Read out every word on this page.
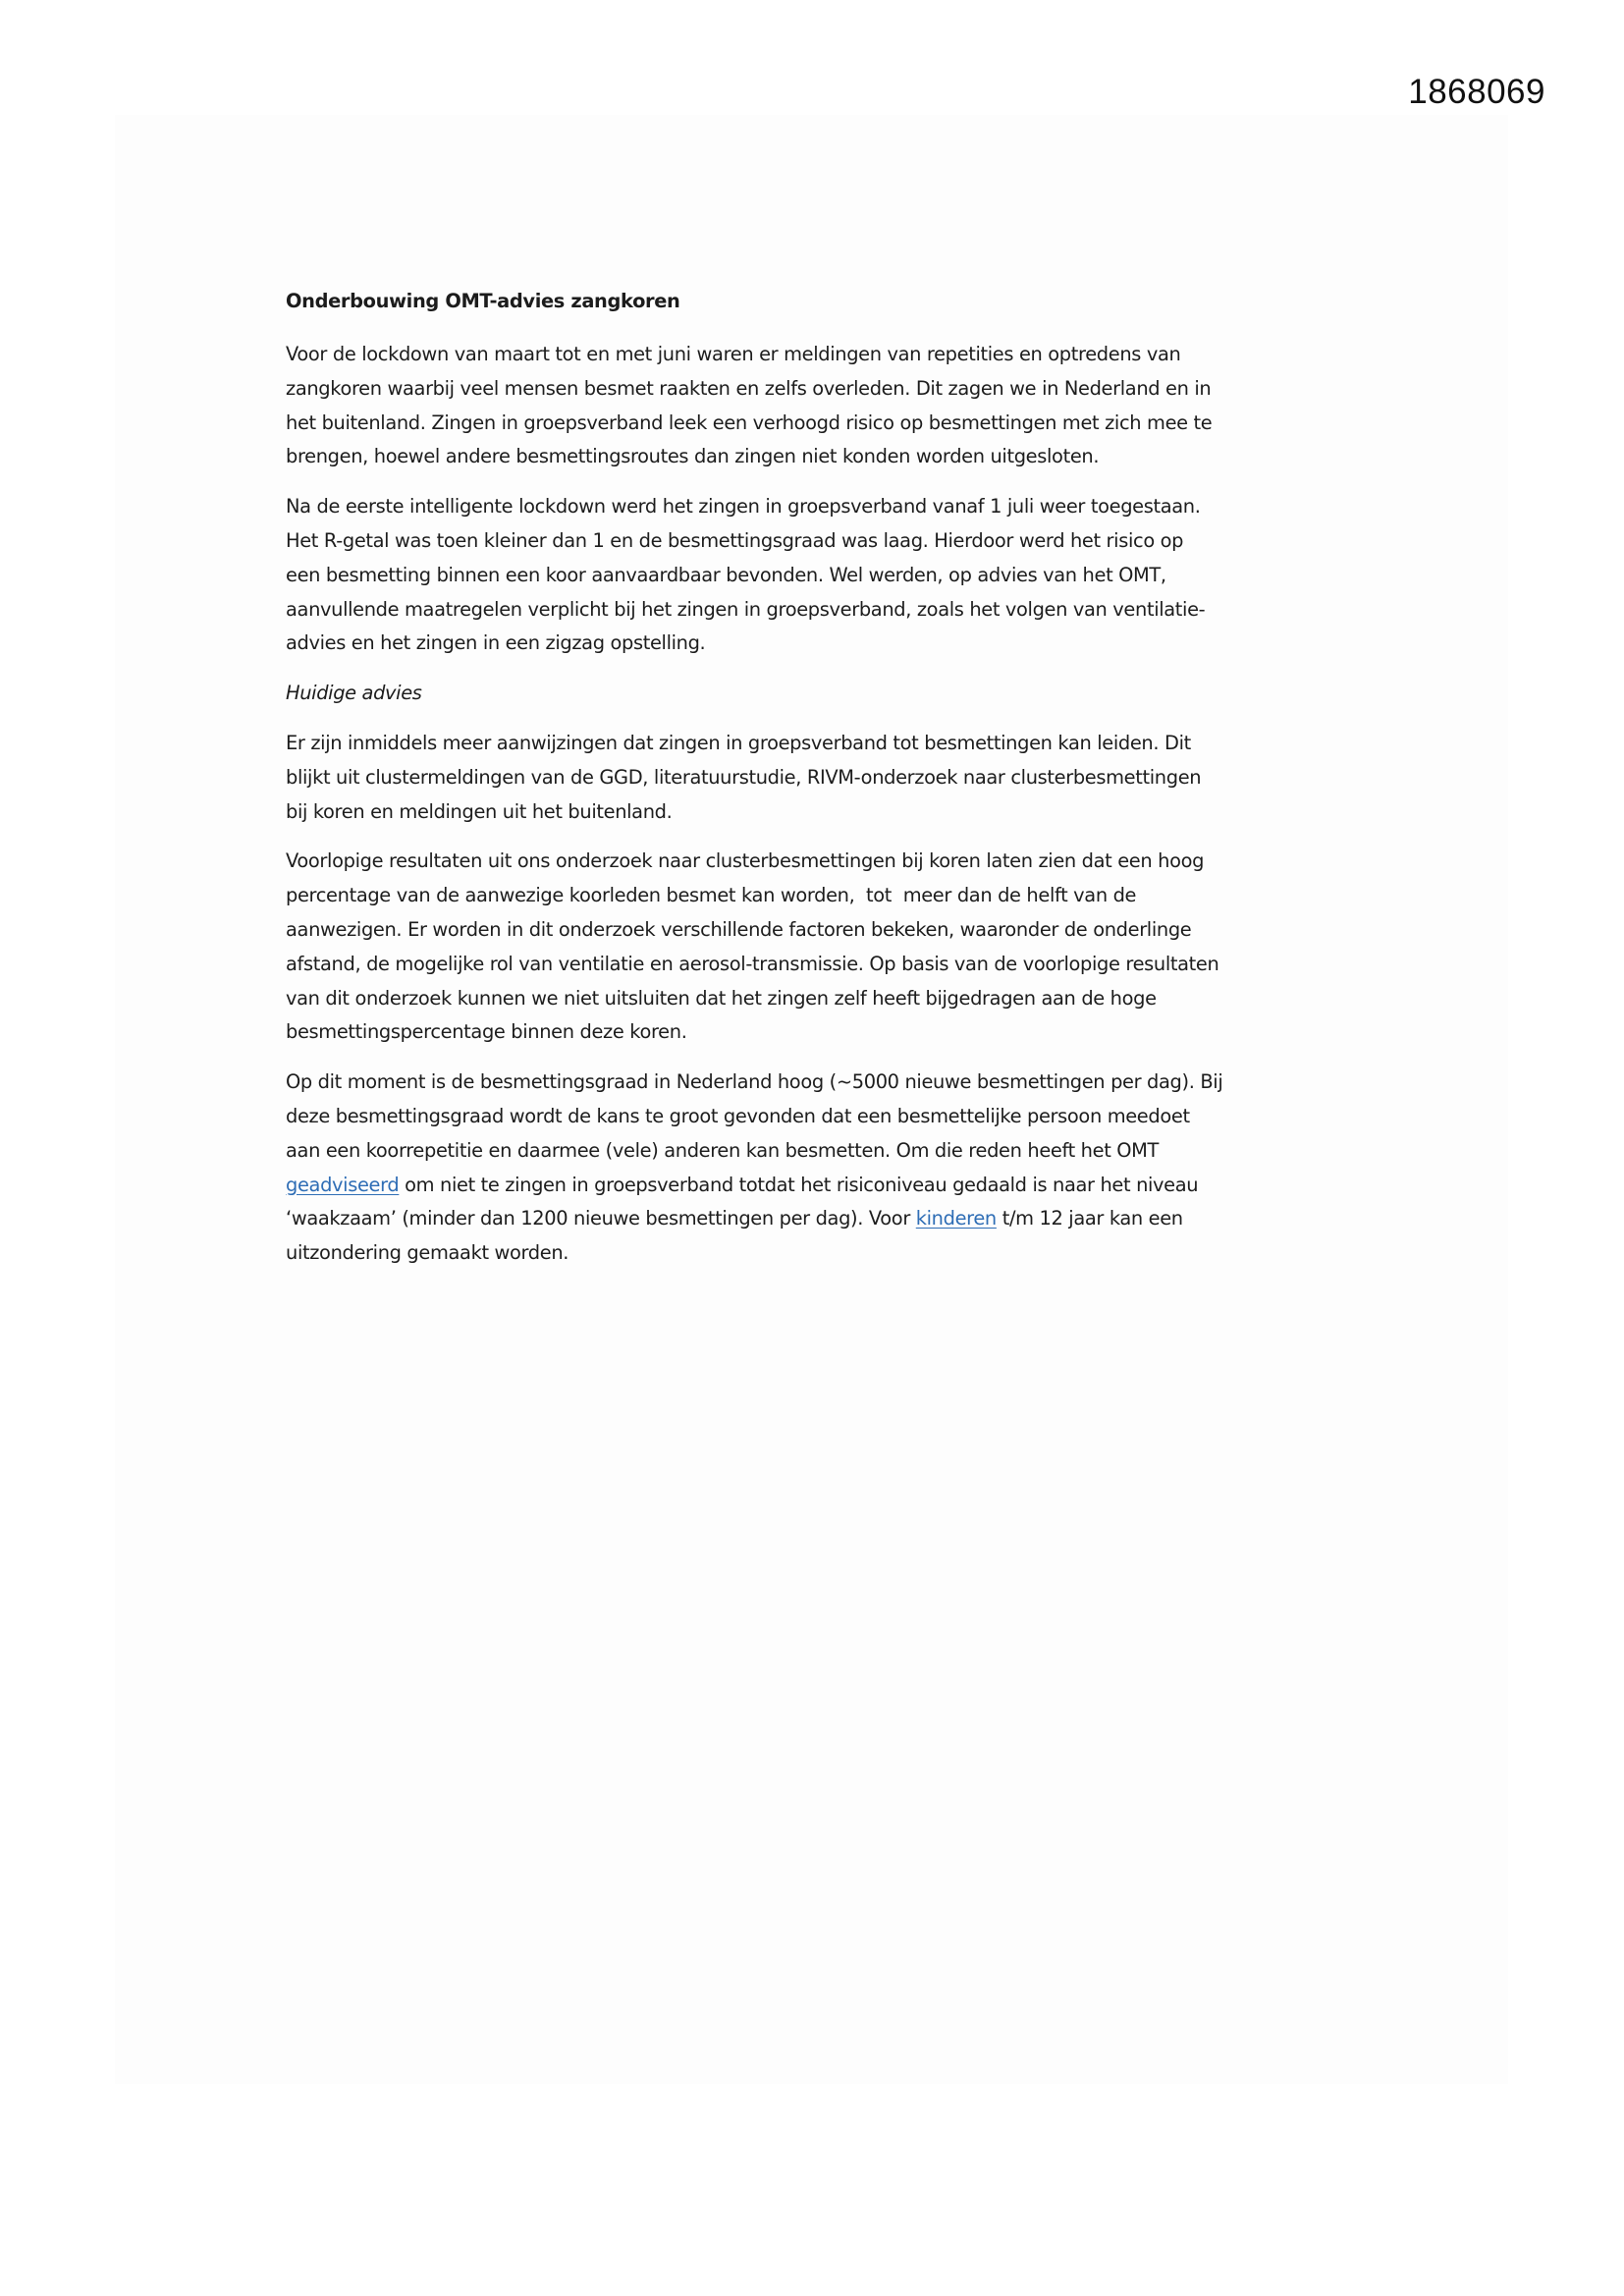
1868069
Onderbouwing OMT-advies zangkoren
Voor de lockdown van maart tot en met juni waren er meldingen van repetities en optredens van
zangkoren waarbij veel mensen besmet raakten en zelfs overleden. Dit zagen we in Nederland en in
het buitenland. Zingen in groepsverband leek een verhoogd risico op besmettingen met zich mee te
brengen, hoewel andere besmettingsroutes dan zingen niet konden worden uitgesloten.
Na de eerste intelligente lockdown werd het zingen in groepsverband vanaf 1 juli weer toegestaan.
Het R-getal was toen kleiner dan 1 en de besmettingsgraad was laag. Hierdoor werd het risico op
een besmetting binnen een koor aanvaardbaar bevonden. Wel werden, op advies van het OMT,
aanvullende maatregelen verplicht bij het zingen in groepsverband, zoals het volgen van ventilatie-
advies en het zingen in een zigzag opstelling.
Huidige advies
Er zijn inmiddels meer aanwijzingen dat zingen in groepsverband tot besmettingen kan leiden. Dit
blijkt uit clustermeldingen van de GGD, literatuurstudie, RIVM-onderzoek naar clusterbesmettingen
bij koren en meldingen uit het buitenland.
Voorlopige resultaten uit ons onderzoek naar clusterbesmettingen bij koren laten zien dat een hoog
percentage van de aanwezige koorleden besmet kan worden,  tot  meer dan de helft van de
aanwezigen. Er worden in dit onderzoek verschillende factoren bekeken, waaronder de onderlinge
afstand, de mogelijke rol van ventilatie en aerosol-transmissie. Op basis van de voorlopige resultaten
van dit onderzoek kunnen we niet uitsluiten dat het zingen zelf heeft bijgedragen aan de hoge
besmettingspercentage binnen deze koren.
Op dit moment is de besmettingsgraad in Nederland hoog (~5000 nieuwe besmettingen per dag). Bij
deze besmettingsgraad wordt de kans te groot gevonden dat een besmettelijke persoon meedoet
aan een koorrepetitie en daarmee (vele) anderen kan besmetten. Om die reden heeft het OMT
geadviseerd om niet te zingen in groepsverband totdat het risiconiveau gedaald is naar het niveau
‘waakzaam’ (minder dan 1200 nieuwe besmettingen per dag). Voor kinderen t/m 12 jaar kan een
uitzondering gemaakt worden.
